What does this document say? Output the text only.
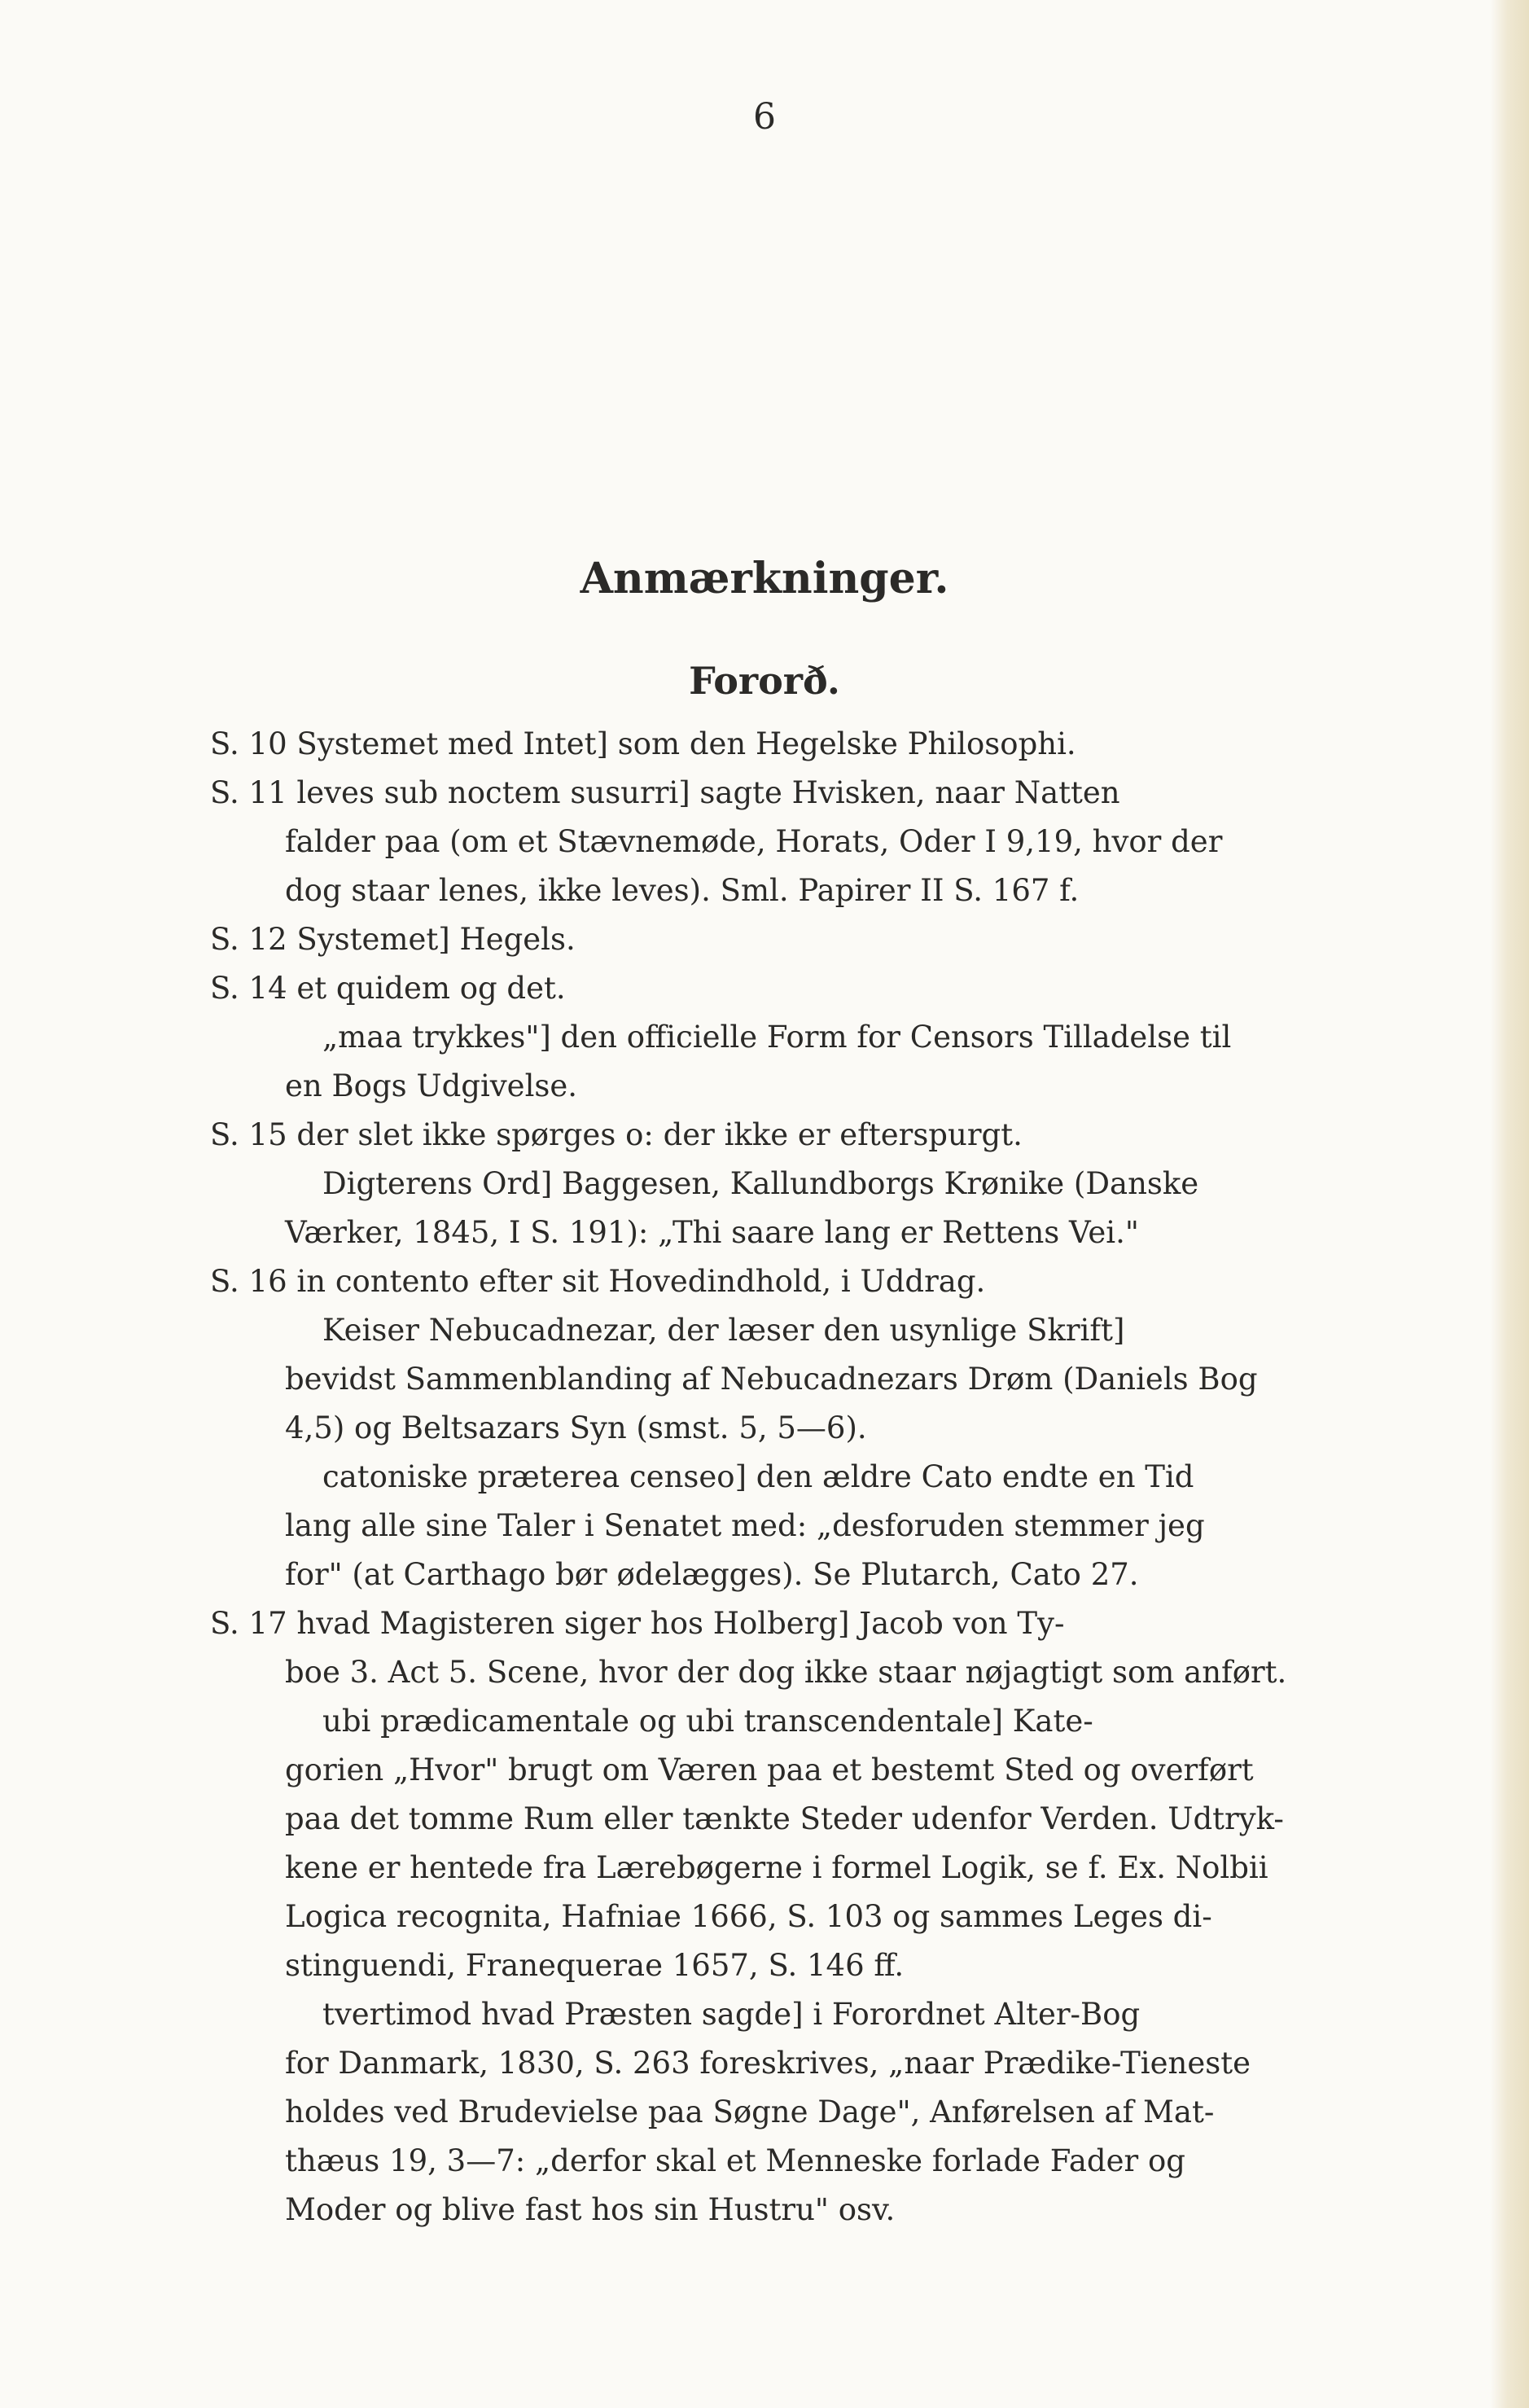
6
Anmærkninger.
Fororð.
S. 10 Systemet med Intet] som den Hegelske Philosophi.
S. 11 leves sub noctem susurri] sagte Hvisken, naar Natten
falder paa (om et Stævnemøde, Horats, Oder I 9,19, hvor der
dog staar lenes, ikke leves). Sml. Papirer II S. 167 f.
S. 12 Systemet] Hegels.
S. 14 et quidem og det.
„maa trykkes"] den officielle Form for Censors Tilladelse til
en Bogs Udgivelse.
S. 15 der slet ikke spørges o: der ikke er efterspurgt.
Digterens Ord] Baggesen, Kallundborgs Krønike (Danske
Værker, 1845, I S. 191): „Thi saare lang er Rettens Vei."
S. 16 in contento efter sit Hovedindhold, i Uddrag.
Keiser Nebucadnezar, der læser den usynlige Skrift]
bevidst Sammenblanding af Nebucadnezars Drøm (Daniels Bog
4,5) og Beltsazars Syn (smst. 5, 5—6).
catoniske præterea censeo] den ældre Cato endte en Tid
lang alle sine Taler i Senatet med: „desforuden stemmer jeg
for" (at Carthago bør ødelægges). Se Plutarch, Cato 27.
S. 17 hvad Magisteren siger hos Holberg] Jacob von Ty-
boe 3. Act 5. Scene, hvor der dog ikke staar nøjagtigt som anført.
ubi prædicamentale og ubi transcendentale] Kate-
gorien „Hvor" brugt om Væren paa et bestemt Sted og overført
paa det tomme Rum eller tænkte Steder udenfor Verden. Udtryk-
kene er hentede fra Lærebøgerne i formel Logik, se f. Ex. Nolbii
Logica recognita, Hafniae 1666, S. 103 og sammes Leges di-
stinguendi, Franequerae 1657, S. 146 ff.
tvertimod hvad Præsten sagde] i Forordnet Alter-Bog
for Danmark, 1830, S. 263 foreskrives, „naar Prædike-Tieneste
holdes ved Brudevielse paa Søgne Dage", Anførelsen af Mat-
thæus 19, 3—7: „derfor skal et Menneske forlade Fader og
Moder og blive fast hos sin Hustru" osv.
